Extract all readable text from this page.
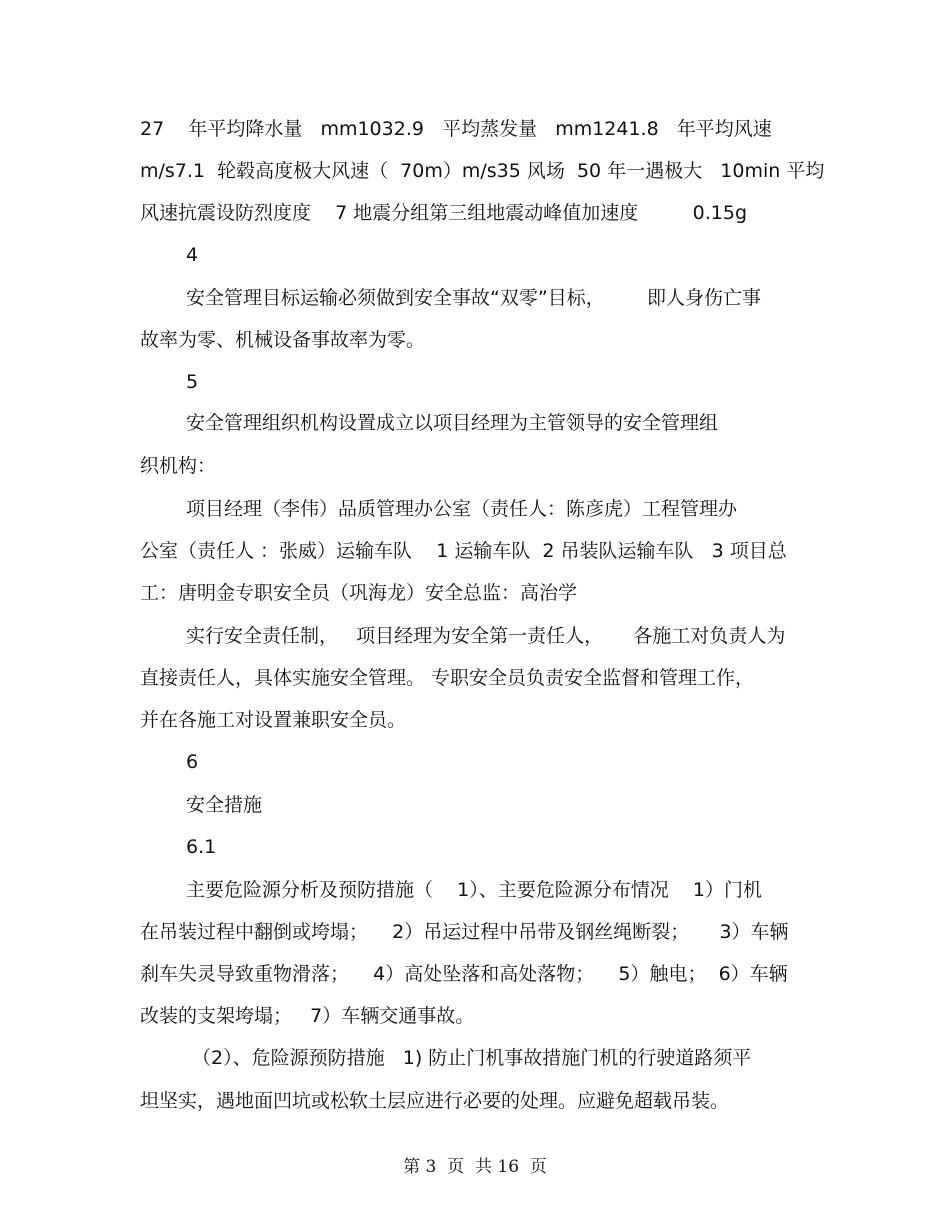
27    年平均降水量   mm1032.9   平均蒸发量   mm1241.8   年平均风速
m/s7.1  轮毂高度极大风速（  70m）m/s35 风场  50 年一遇极大   10min 平均
风速抗震设防烈度度    7 地震分组第三组地震动峰值加速度         0.15g
4
安全管理目标运输必须做到安全事故“双零”目标，       即人身伤亡事
故率为零、机械设备事故率为零。
5
安全管理组织机构设置成立以项目经理为主管领导的安全管理组
织机构：
项目经理（李伟）品质管理办公室（责任人：陈彦虎）工程管理办
公室（责任人 ：张威）运输车队    1 运输车队  2 吊装队运输车队   3 项目总
工：唐明金专职安全员（巩海龙）安全总监：高治学
实行安全责任制，   项目经理为安全第一责任人，     各施工对负责人为
直接责任人，具体实施安全管理。 专职安全员负责安全监督和管理工作，
并在各施工对设置兼职安全员。
6
安全措施
6.1
主要危险源分析及预防措施（    1）、主要危险源分布情况    1）门机
在吊装过程中翻倒或垮塌；    2）吊运过程中吊带及钢丝绳断裂；     3）车辆
刹车失灵导致重物滑落；    4）高处坠落和高处落物；    5）触电；  6）车辆
改装的支架垮塌；   7）车辆交通事故。
（2）、危险源预防措施   1) 防止门机事故措施门机的行驶道路须平
坦坚实，遇地面凹坑或松软土层应进行必要的处理。应避免超载吊装。
第 3  页  共 16  页
